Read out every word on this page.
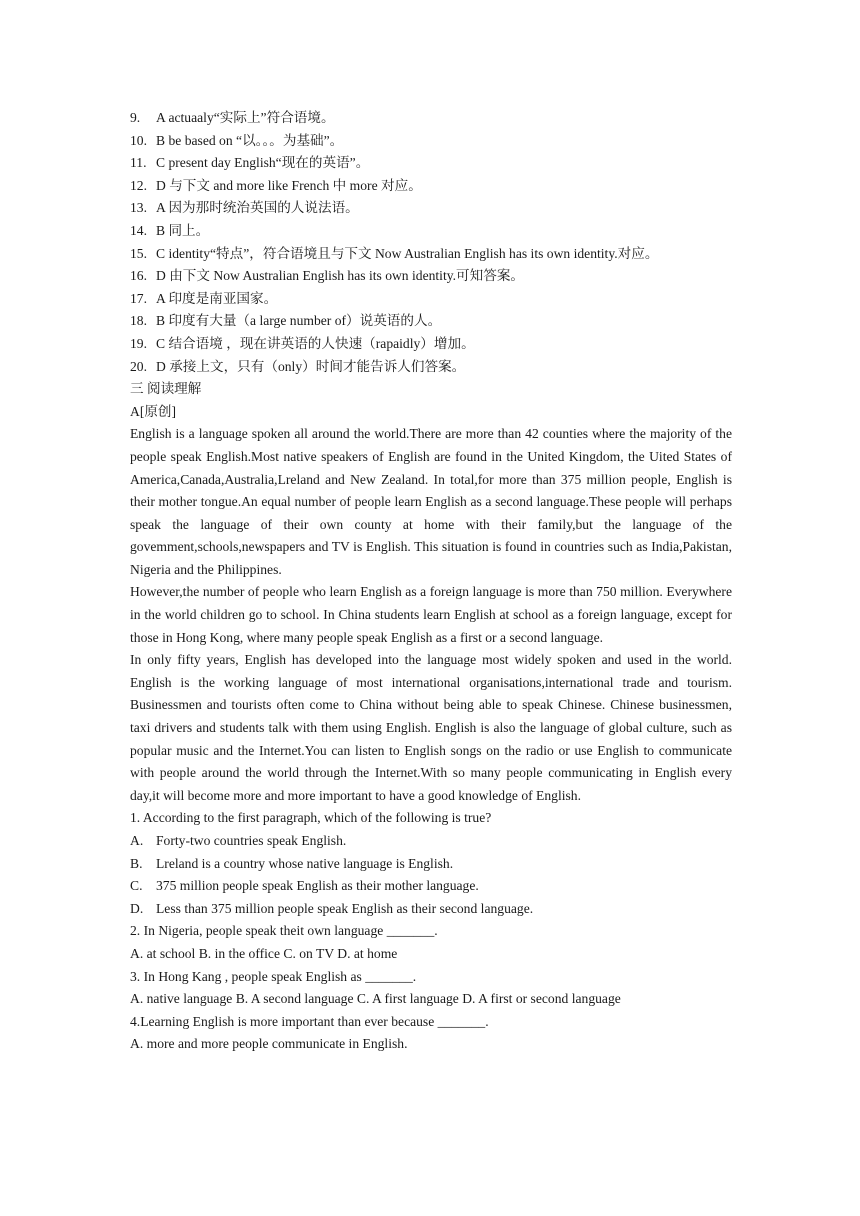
9. A actuaaly“实际上”符合语境。
10. B be based on “以。。。为基础”。
11. C present day English“现在的英语”。
12. D 与下文 and more like French 中 more 对应。
13. A 因为那时统治英国的人说法语。
14. B 同上。
15. C identity“特点”，符合语境且与下文 Now Australian English has its own identity.对应。
16. D 由下文 Now Australian English has its own identity.可知答案。
17. A 印度是南亚国家。
18. B 印度有大量（a large number of）说英语的人。
19. C 结合语境 ，现在讲英语的人快速（rapaidly）增加。
20. D 承接上文，只有（only）时间才能告诉人们答案。
三 阅读理解
A[原创]
English is a language spoken all around the world.There are more than 42 counties where the majority of the people speak English.Most native speakers of English are found in the United Kingdom, the Uited States of America,Canada,Australia,Lreland and New Zealand. In total,for more than 375 million people, English is their mother tongue.An equal number of people learn English as a second language.These people will perhaps speak the language of their own county at home with their family,but the language of the govemment,schools,newspapers and TV is English. This situation is found in countries such as India,Pakistan, Nigeria and the Philippines.
However,the number of people who learn English as a foreign language is more than 750 million. Everywhere in the world children go to school. In China students learn English at school as a foreign language, except for those in Hong Kong, where many people speak English as a first or a second language.
In only fifty years, English has developed into the language most widely spoken and used in the world. English is the working language of most international organisations,international trade and tourism. Businessmen and tourists often come to China without being able to speak Chinese. Chinese businessmen, taxi drivers and students talk with them using English. English is also the language of global culture, such as popular music and the Internet.You can listen to English songs on the radio or use English to communicate with people around the world through the Internet.With so many people communicating in English every day,it will become more and more important to have a good knowledge of English.
1. According to the first paragraph, which of the following is true?
A. Forty-two countries speak English.
B. Lreland is a country whose native language is English.
C. 375 million people speak English as their mother language.
D. Less than 375 million people speak English as their second language.
2. In Nigeria, people speak theit own language _______.
A. at school B. in the office C. on TV D. at home
3. In Hong Kang , people speak English as _______.
A. native language B. A second language C. A first language D. A first or second language
4.Learning English is more important than ever because _______.
A. more and more people communicate in English.
